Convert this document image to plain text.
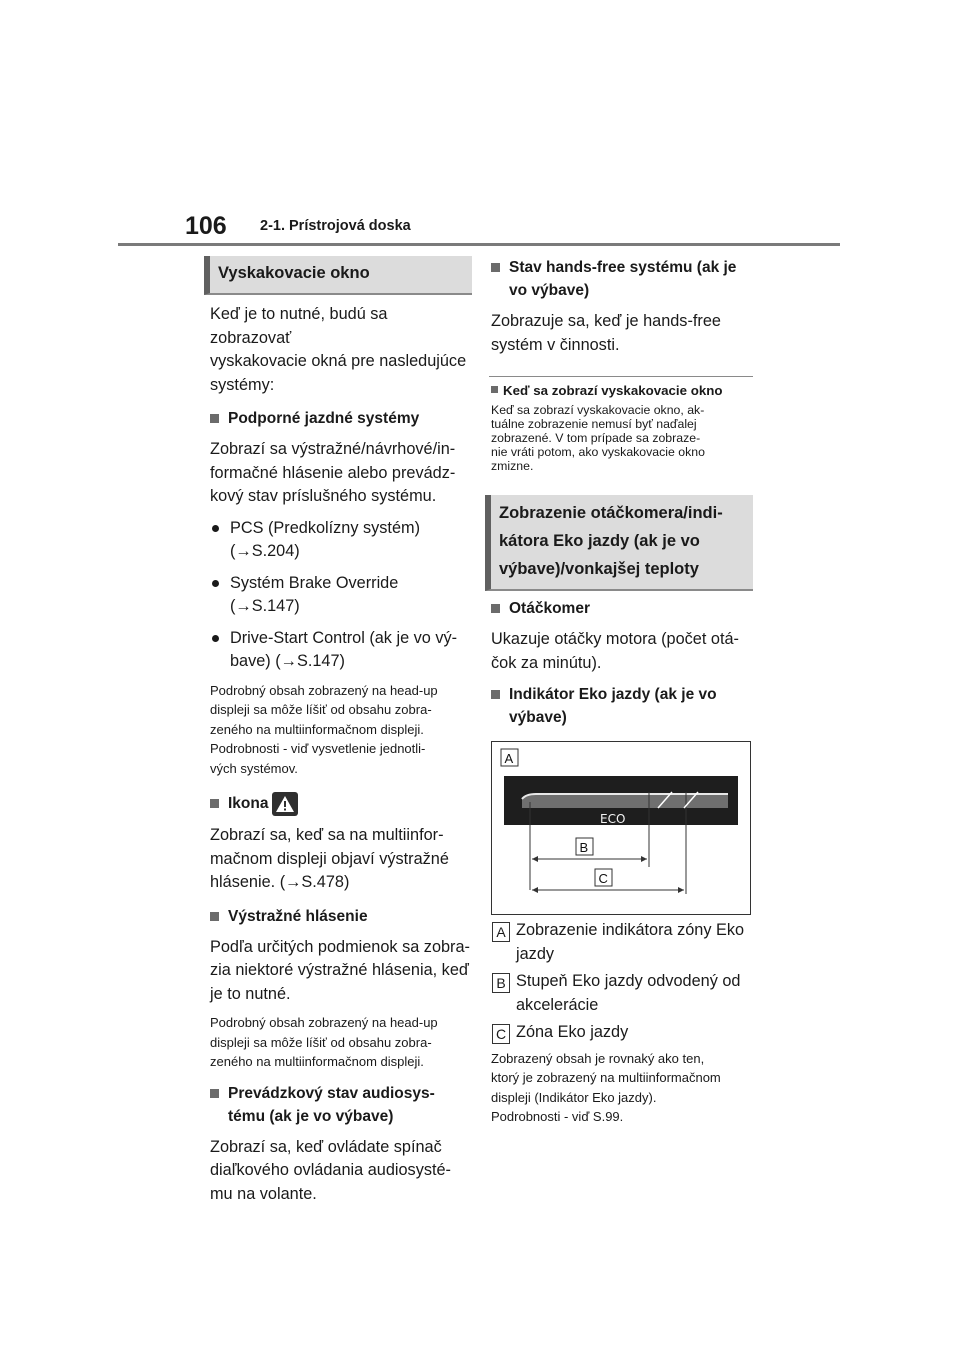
106 2-1. Prístrojová doska
Vyskakovacie okno

Keď je to nutné, budú sa zobrazovať

vyskakovacie okná pre nasledujúce

systémy:

Podporné jazdné systémy

Zobrazí sa výstražné/návrhové/in-

formačné hlásenie alebo prevádz-

kový stav príslušného systému.

PCS (Predkolízny systém)

(→S.204)

Systém Brake Override (→S.147)

Drive-Start Control (ak je vo vý-

bave) (→S.147)

Podrobný obsah zobrazený na head-up

displeji sa môže líšiť od obsahu zobra-

zeného na multiinformačnom displeji.

Podrobnosti - viď vysvetlenie jednotli-

vých systémov.

Ikona

Zobrazí sa, keď sa na multiinfor-

mačnom displeji objaví výstražné

hlásenie. (→S.478)

Výstražné hlásenie

Podľa určitých podmienok sa zobra-

zia niektoré výstražné hlásenia, keď

je to nutné.

Podrobný obsah zobrazený na head-up

displeji sa môže líšiť od obsahu zobra-

zeného na multiinformačnom displeji.

Prevádzkový stav audiosys-

tému (ak je vo výbave)

Zobrazí sa, keď ovládate spínač

diaľkového ovládania audiosysté-

mu na volante.

Stav hands-free systému (ak je

vo výbave)

Zobrazuje sa, keď je hands-free

systém v činnosti.

Keď sa zobrazí vyskakovacie okno

Keď sa zobrazí vyskakovacie okno, ak-

tuálne zobrazenie nemusí byť naďalej

zobrazené. V tom prípade sa zobraze-

nie vráti potom, ako vyskakovacie okno

zmizne.

Zobrazenie otáčkomera/indi-

kátora Eko jazdy (ak je vo

výbave)/vonkajšej teploty

Otáčkomer

Ukazuje otáčky motora (počet otá-

čok za minútu).

Indikátor Eko jazdy (ak je vo

výbave)

ECO
A
B
C
A Zobrazenie indikátora zóny Eko

jazdy

B Stupeň Eko jazdy odvodený od

akcelerácie

C Zóna Eko jazdy

Zobrazený obsah je rovnaký ako ten,

ktorý je zobrazený na multiinformačnom

displeji (Indikátor Eko jazdy).

Podrobnosti - viď S.99.
